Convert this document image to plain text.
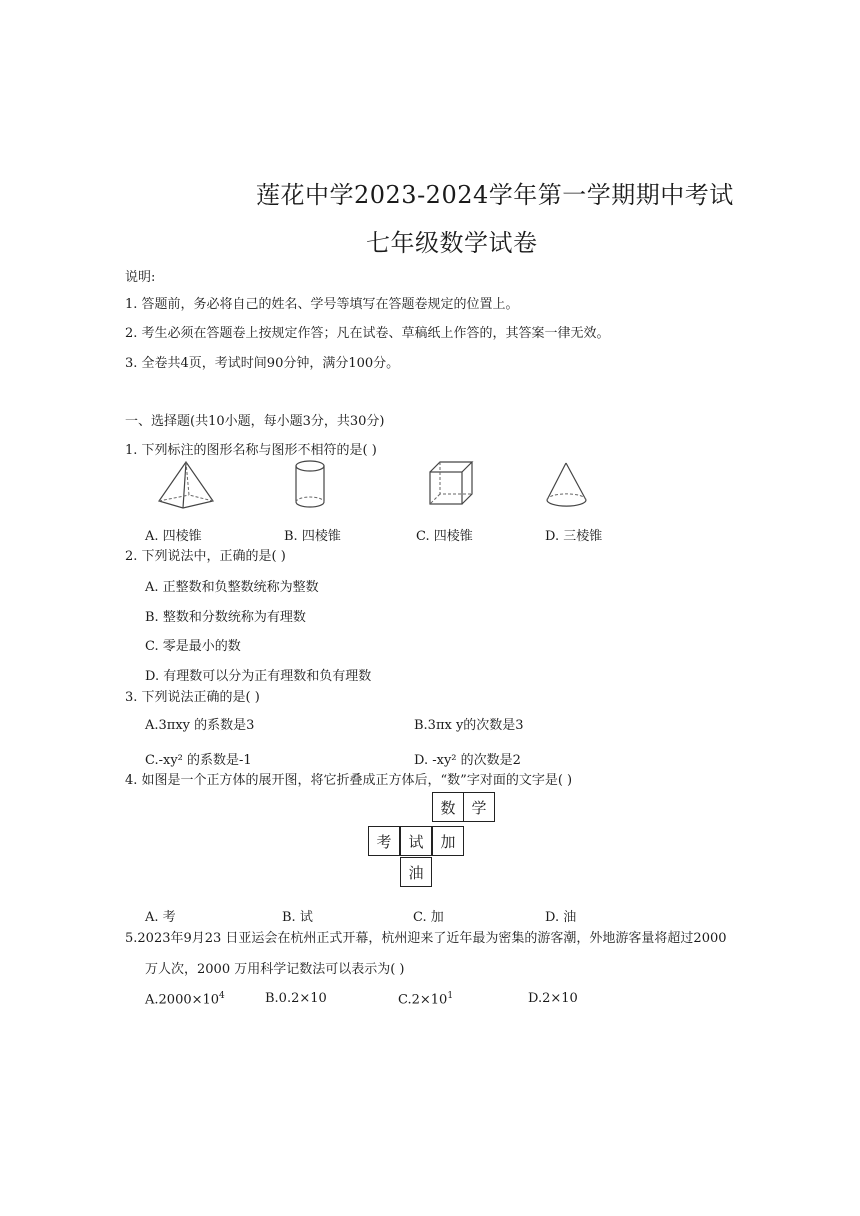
莲花中学2023-2024学年第一学期期中考试
七年级数学试卷
说明:
1. 答题前，务必将自己的姓名、学号等填写在答题卷规定的位置上。
2. 考生必须在答题卷上按规定作答；凡在试卷、草稿纸上作答的，其答案一律无效。
3. 全卷共4页，考试时间90分钟，满分100分。
一、选择题(共10小题，每小题3分，共30分)
1. 下列标注的图形名称与图形不相符的是( )
A. 四棱锥	B. 四棱锥	C. 四棱锥	D. 三棱锥
2. 下列说法中，正确的是( )
A. 正整数和负整数统称为整数
B. 整数和分数统称为有理数
C. 零是最小的数
D. 有理数可以分为正有理数和负有理数
3. 下列说法正确的是( )
A.3πxy 的系数是3	B.3πx y的次数是3
C.-xy² 的系数是-1	D. -xy² 的次数是2
4. 如图是一个正方体的展开图，将它折叠成正方体后，“数”字对面的文字是( )
数	学
考	试	加
油
A. 考	B. 试	C. 加	D. 油
5.2023年9月23 日亚运会在杭州正式开幕，杭州迎来了近年最为密集的游客潮，外地游客量将超过2000
万人次，2000 万用科学记数法可以表示为( )
$A.2000\times 10^4$	B.0.2×10	$C.2\times 10^1$	D.2×10
